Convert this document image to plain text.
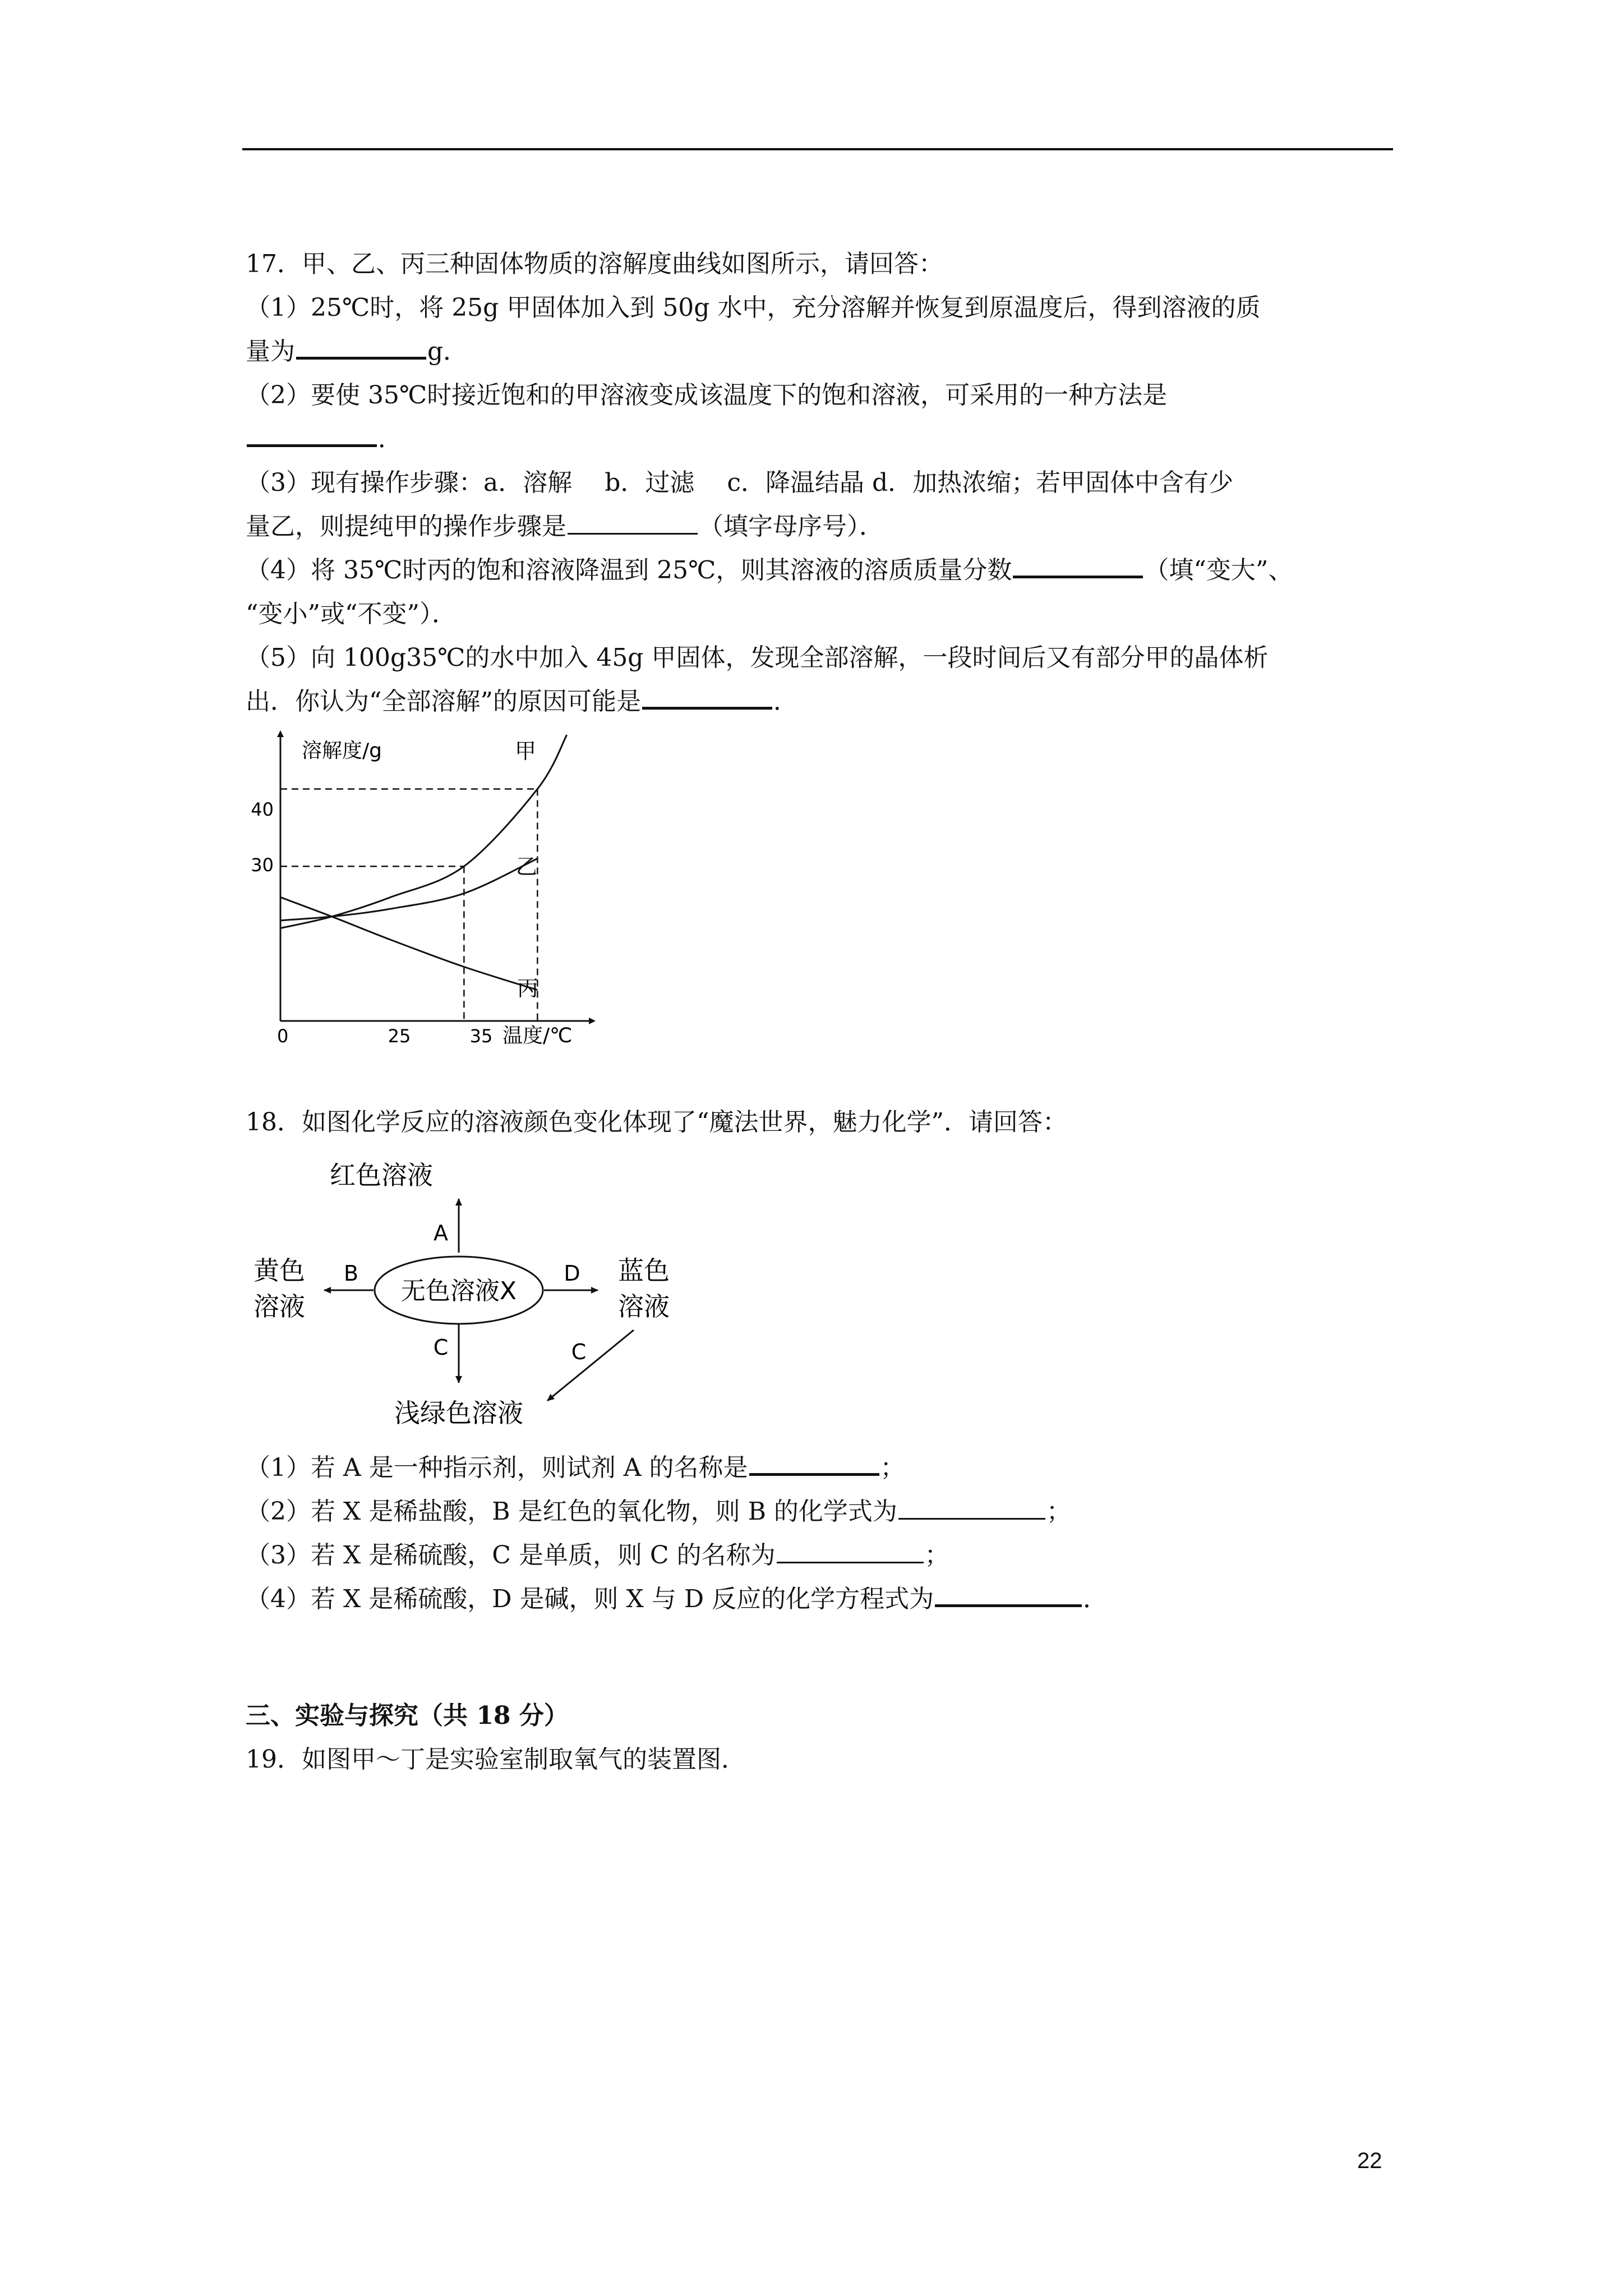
17．甲、乙、丙三种固体物质的溶解度曲线如图所示，请回答：
（1）25℃时，将 25g 甲固体加入到 50g 水中，充分溶解并恢复到原温度后，得到溶液的质
量为	g．
（2）要使 35℃时接近饱和的甲溶液变成该温度下的饱和溶液，可采用的一种方法是
．
（3）现有操作步骤：a．溶解　 b．过滤　 c．降温结晶 d．加热浓缩；若甲固体中含有少
量乙，则提纯甲的操作步骤是	（填字母序号）．
（4）将 35℃时丙的饱和溶液降温到 25℃，则其溶液的溶质质量分数	（填“变大”、
“变小”或“不变”）．
（5）向 100g35℃的水中加入 45g 甲固体，发现全部溶解，一段时间后又有部分甲的晶体析
出．你认为“全部溶解”的原因可能是	．
溶解度/g
温度/℃
0	25	35
40
30
甲
乙
丙
18．如图化学反应的溶液颜色变化体现了“魔法世界，魅力化学”．请回答：
红色溶液
A
无色溶液X
B
黄色
溶液
D 蓝色
溶液
C	C
浅绿色溶液
（1）若 A 是一种指示剂，则试剂 A 的名称是	；
（2）若 X 是稀盐酸，B 是红色的氧化物，则 B 的化学式为	；
（3）若 X 是稀硫酸，C 是单质，则 C 的名称为	；
（4）若 X 是稀硫酸，D 是碱，则 X 与 D 反应的化学方程式为	．
三、实验与探究（共 18 分）
19．如图甲～丁是实验室制取氧气的装置图．
22
